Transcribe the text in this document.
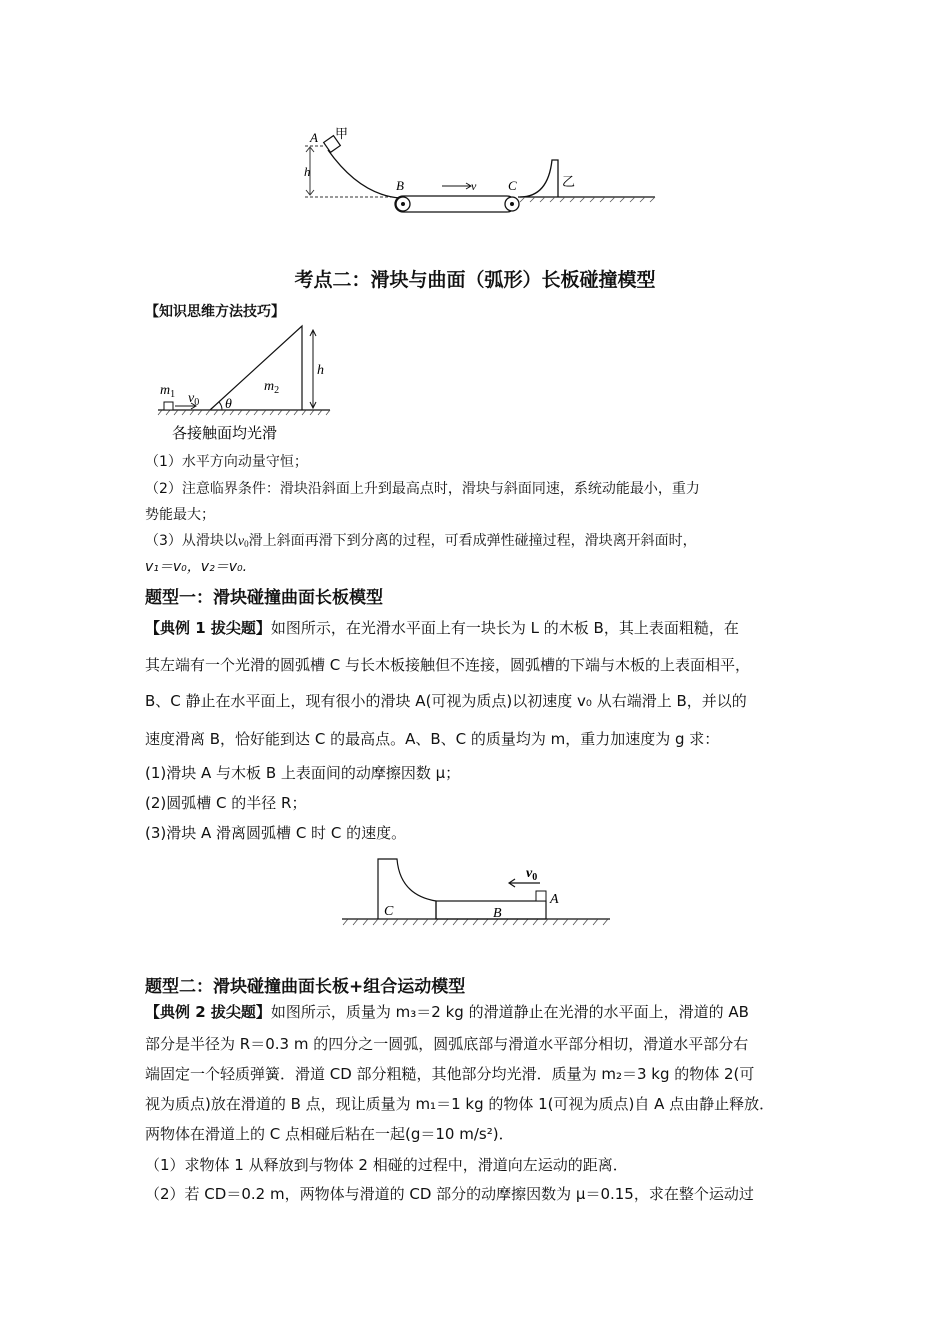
A 甲
h
B	v C	乙
考点二：滑块与曲面（弧形）长板碰撞模型
【知识思维方法技巧】
$m_1$ $v_0$
$m_2$
θ
h
各接触面均光滑
（1）水平方向动量守恒；
（2）注意临界条件：滑块沿斜面上升到最高点时，滑块与斜面同速，系统动能最小，重力
势能最大；
（3）从滑块以v0滑上斜面再滑下到分离的过程，可看成弹性碰撞过程，滑块离开斜面时，
v₁＝v₀，v₂＝v₀.
题型一：滑块碰撞曲面长板模型
【典例 1 拔尖题】如图所示，在光滑水平面上有一块长为 L 的木板 B，其上表面粗糙，在
其左端有一个光滑的圆弧槽 C 与长木板接触但不连接，圆弧槽的下端与木板的上表面相平，
B、C 静止在水平面上，现有很小的滑块 A(可视为质点)以初速度 v₀ 从右端滑上 B，并以的
速度滑离 B，恰好能到达 C 的最高点。A、B、C 的质量均为 m，重力加速度为 g 求：
(1)滑块 A 与木板 B 上表面间的动摩擦因数 μ；
(2)圆弧槽 C 的半径 R；
(3)滑块 A 滑离圆弧槽 C 时 C 的速度。
$v_0$
A
B
C
题型二：滑块碰撞曲面长板+组合运动模型
【典例 2 拔尖题】如图所示，质量为 m₃＝2 kg 的滑道静止在光滑的水平面上，滑道的 AB
部分是半径为 R＝0.3 m 的四分之一圆弧，圆弧底部与滑道水平部分相切，滑道水平部分右
端固定一个轻质弹簧．滑道 CD 部分粗糙，其他部分均光滑．质量为 m₂＝3 kg 的物体 2(可
视为质点)放在滑道的 B 点，现让质量为 m₁＝1 kg 的物体 1(可视为质点)自 A 点由静止释放．
两物体在滑道上的 C 点相碰后粘在一起(g＝10 m/s²)．
（1）求物体 1 从释放到与物体 2 相碰的过程中，滑道向左运动的距离．
（2）若 CD＝0.2 m，两物体与滑道的 CD 部分的动摩擦因数为 μ＝0.15，求在整个运动过
